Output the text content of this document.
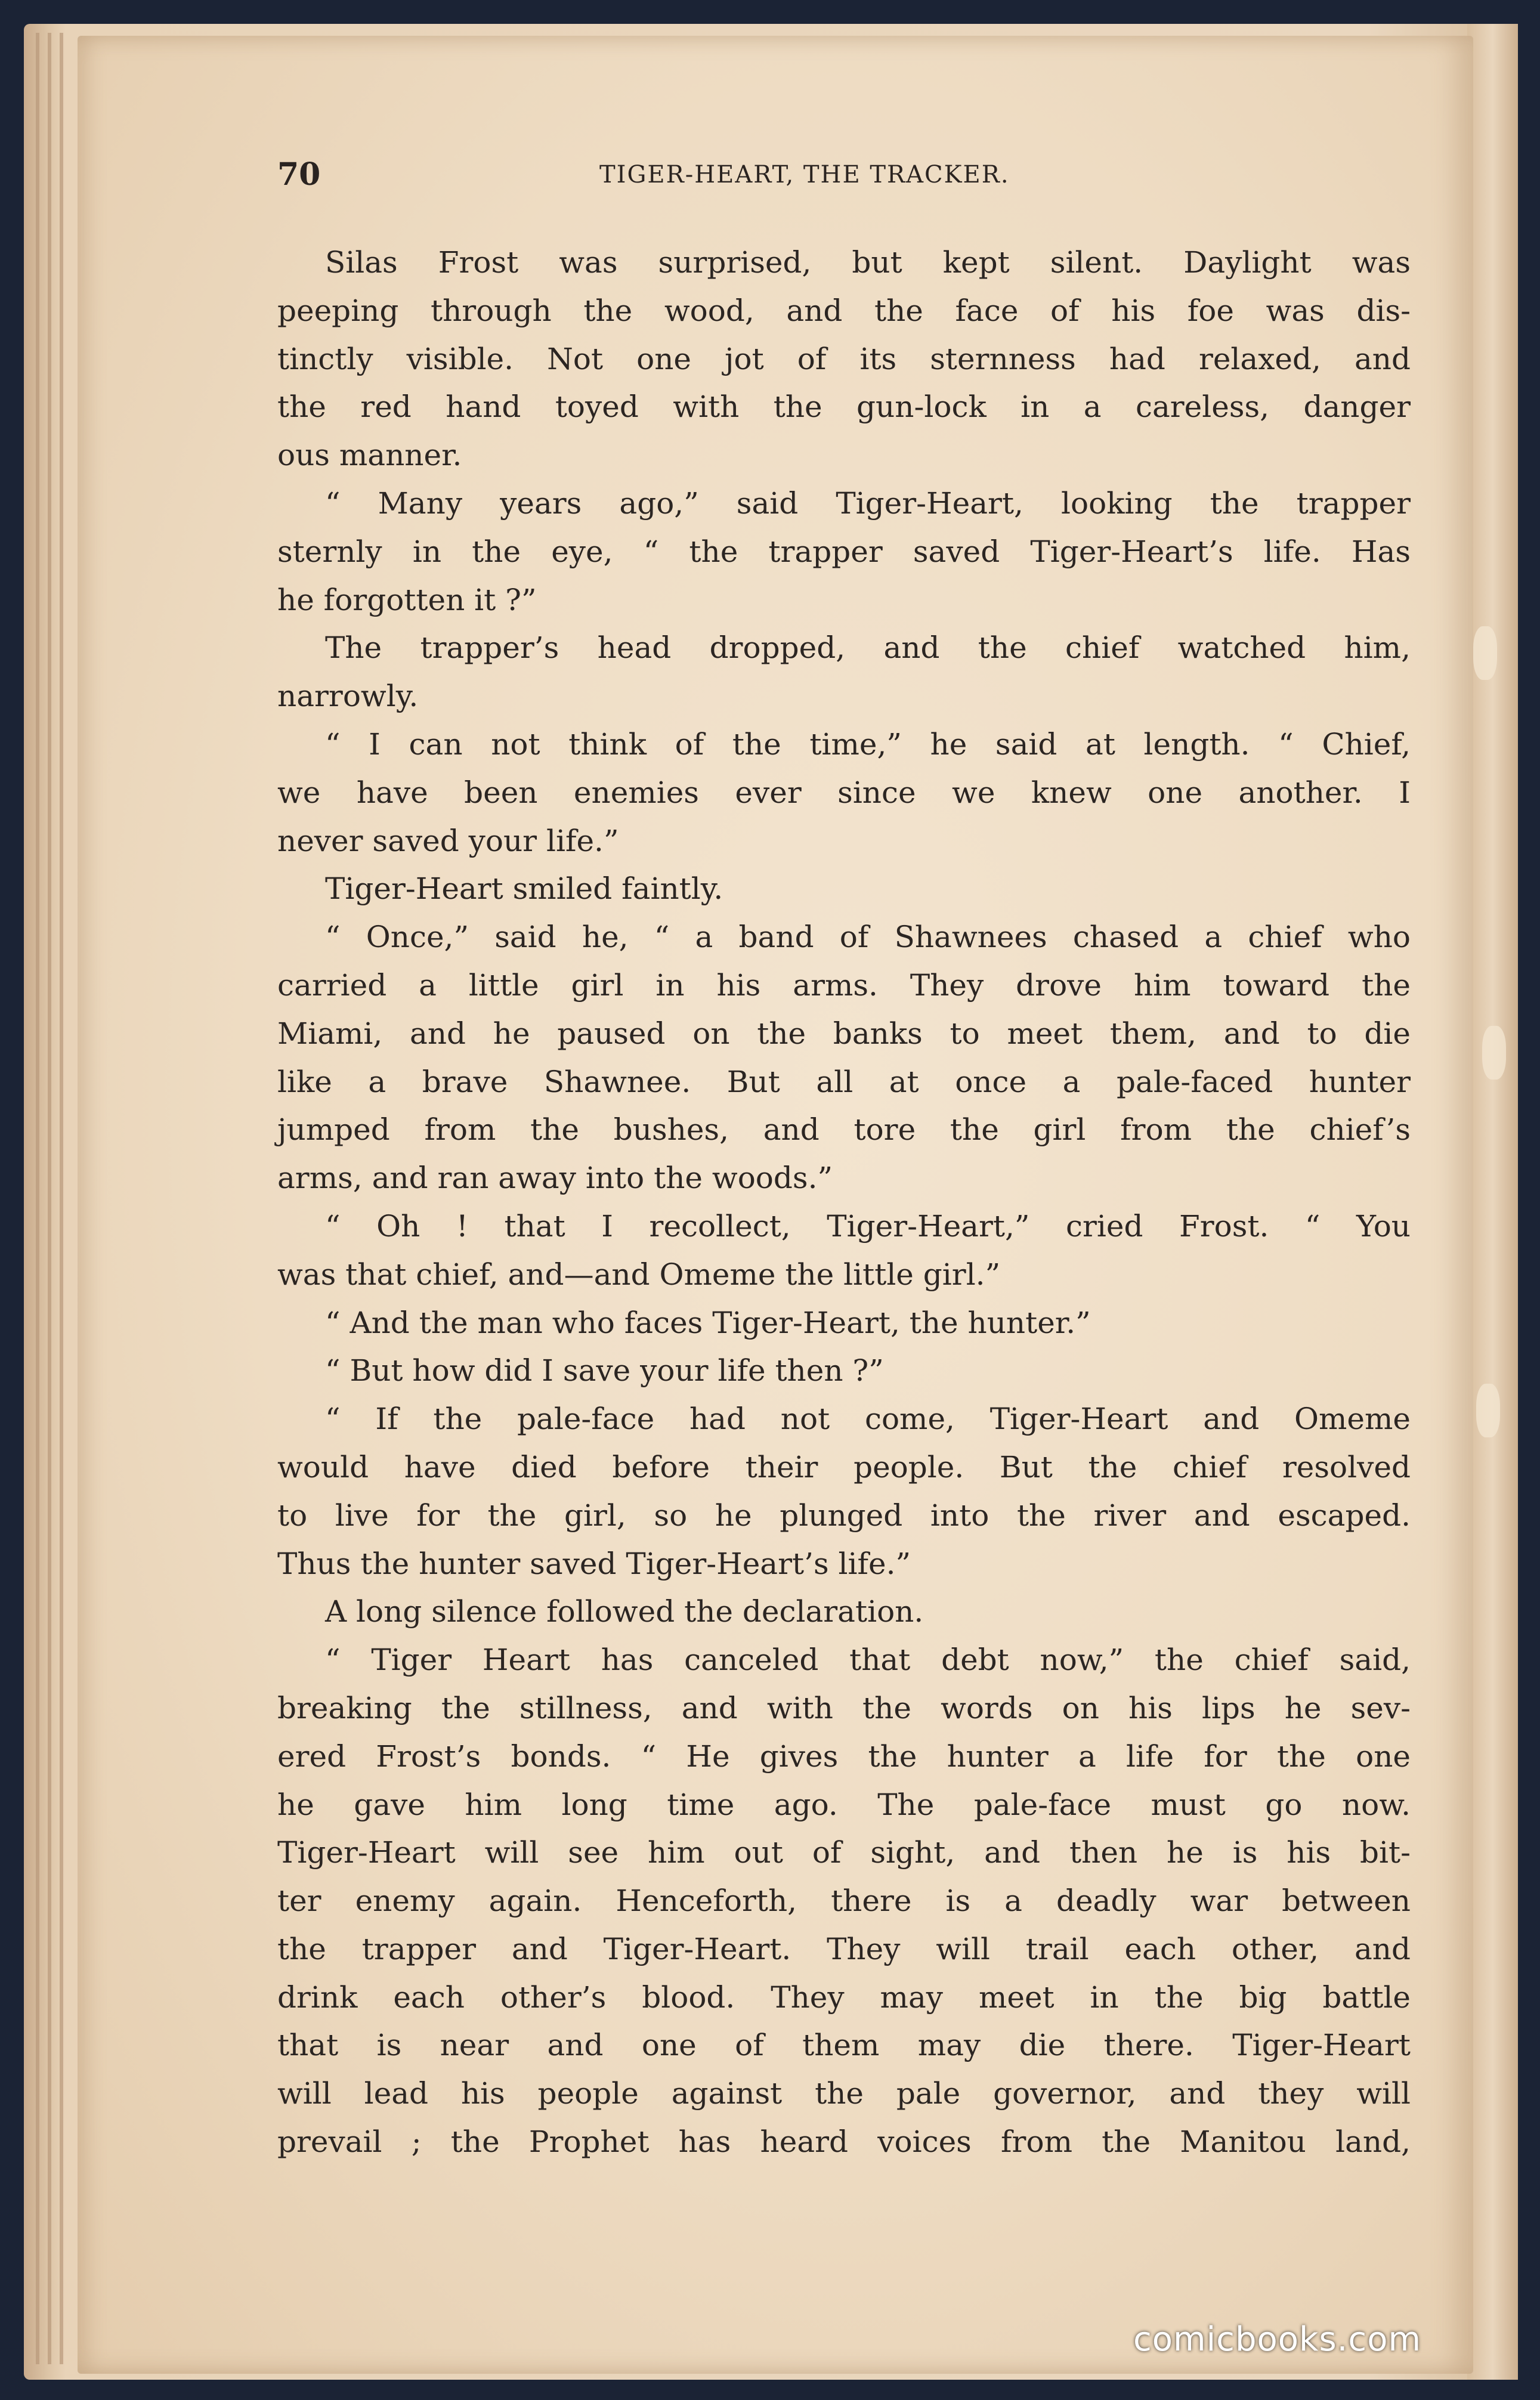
70	TIGER-HEART, THE TRACKER.
Silas Frost was surprised, but kept silent. Daylight was
peeping through the wood, and the face of his foe was dis-
tinctly visible. Not one jot of its sternness had relaxed, and
the red hand toyed with the gun-lock in a careless, danger
ous manner.
“ Many years ago,” said Tiger-Heart, looking the trapper
sternly in the eye, “ the trapper saved Tiger-Heart’s life. Has
he forgotten it ?”
The trapper’s head dropped, and the chief watched him,
narrowly.
“ I can not think of the time,” he said at length. “ Chief,
we have been enemies ever since we knew one another. I
never saved your life.”
Tiger-Heart smiled faintly.
“ Once,” said he, “ a band of Shawnees chased a chief who
carried a little girl in his arms. They drove him toward the
Miami, and he paused on the banks to meet them, and to die
like a brave Shawnee. But all at once a pale-faced hunter
jumped from the bushes, and tore the girl from the chief’s
arms, and ran away into the woods.”
“ Oh ! that I recollect, Tiger-Heart,” cried Frost. “ You
was that chief, and—and Omeme the little girl.”
“ And the man who faces Tiger-Heart, the hunter.”
“ But how did I save your life then ?”
“ If the pale-face had not come, Tiger-Heart and Omeme
would have died before their people. But the chief resolved
to live for the girl, so he plunged into the river and escaped.
Thus the hunter saved Tiger-Heart’s life.”
A long silence followed the declaration.
“ Tiger Heart has canceled that debt now,” the chief said,
breaking the stillness, and with the words on his lips he sev-
ered Frost’s bonds. “ He gives the hunter a life for the one
he gave him long time ago. The pale-face must go now.
Tiger-Heart will see him out of sight, and then he is his bit-
ter enemy again. Henceforth, there is a deadly war between
the trapper and Tiger-Heart. They will trail each other, and
drink each other’s blood. They may meet in the big battle
that is near and one of them may die there. Tiger-Heart
will lead his people against the pale governor, and they will
prevail ; the Prophet has heard voices from the Manitou land,
comicbooks.com
